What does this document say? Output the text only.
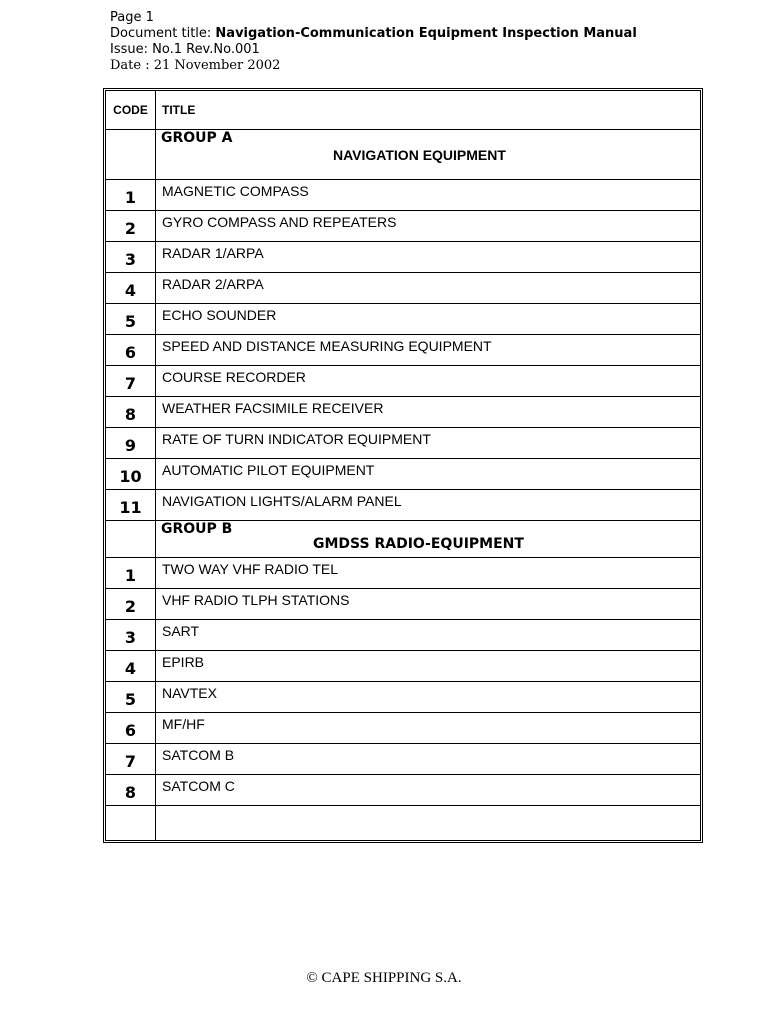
Page 1
Document title: Navigation-Communication Equipment Inspection Manual
Issue: No.1 Rev.No.001
Date : 21 November 2002
CODE	TITLE
GROUP A
NAVIGATION EQUIPMENT
1	MAGNETIC COMPASS
2	GYRO COMPASS AND REPEATERS
3	RADAR 1/ARPA
4	RADAR 2/ARPA
5	ECHO SOUNDER
6	SPEED AND DISTANCE MEASURING EQUIPMENT
7	COURSE RECORDER
8	WEATHER FACSIMILE RECEIVER
9	RATE OF TURN INDICATOR EQUIPMENT
10	AUTOMATIC PILOT EQUIPMENT
11	NAVIGATION LIGHTS/ALARM PANEL
GROUP B
GMDSS RADIO-EQUIPMENT
1	TWO WAY VHF RADIO TEL
2	VHF RADIO TLPH STATIONS
3	SART
4	EPIRB
5	NAVTEX
6	MF/HF
7	SATCOM B
8	SATCOM C
© CAPE SHIPPING S.A.
